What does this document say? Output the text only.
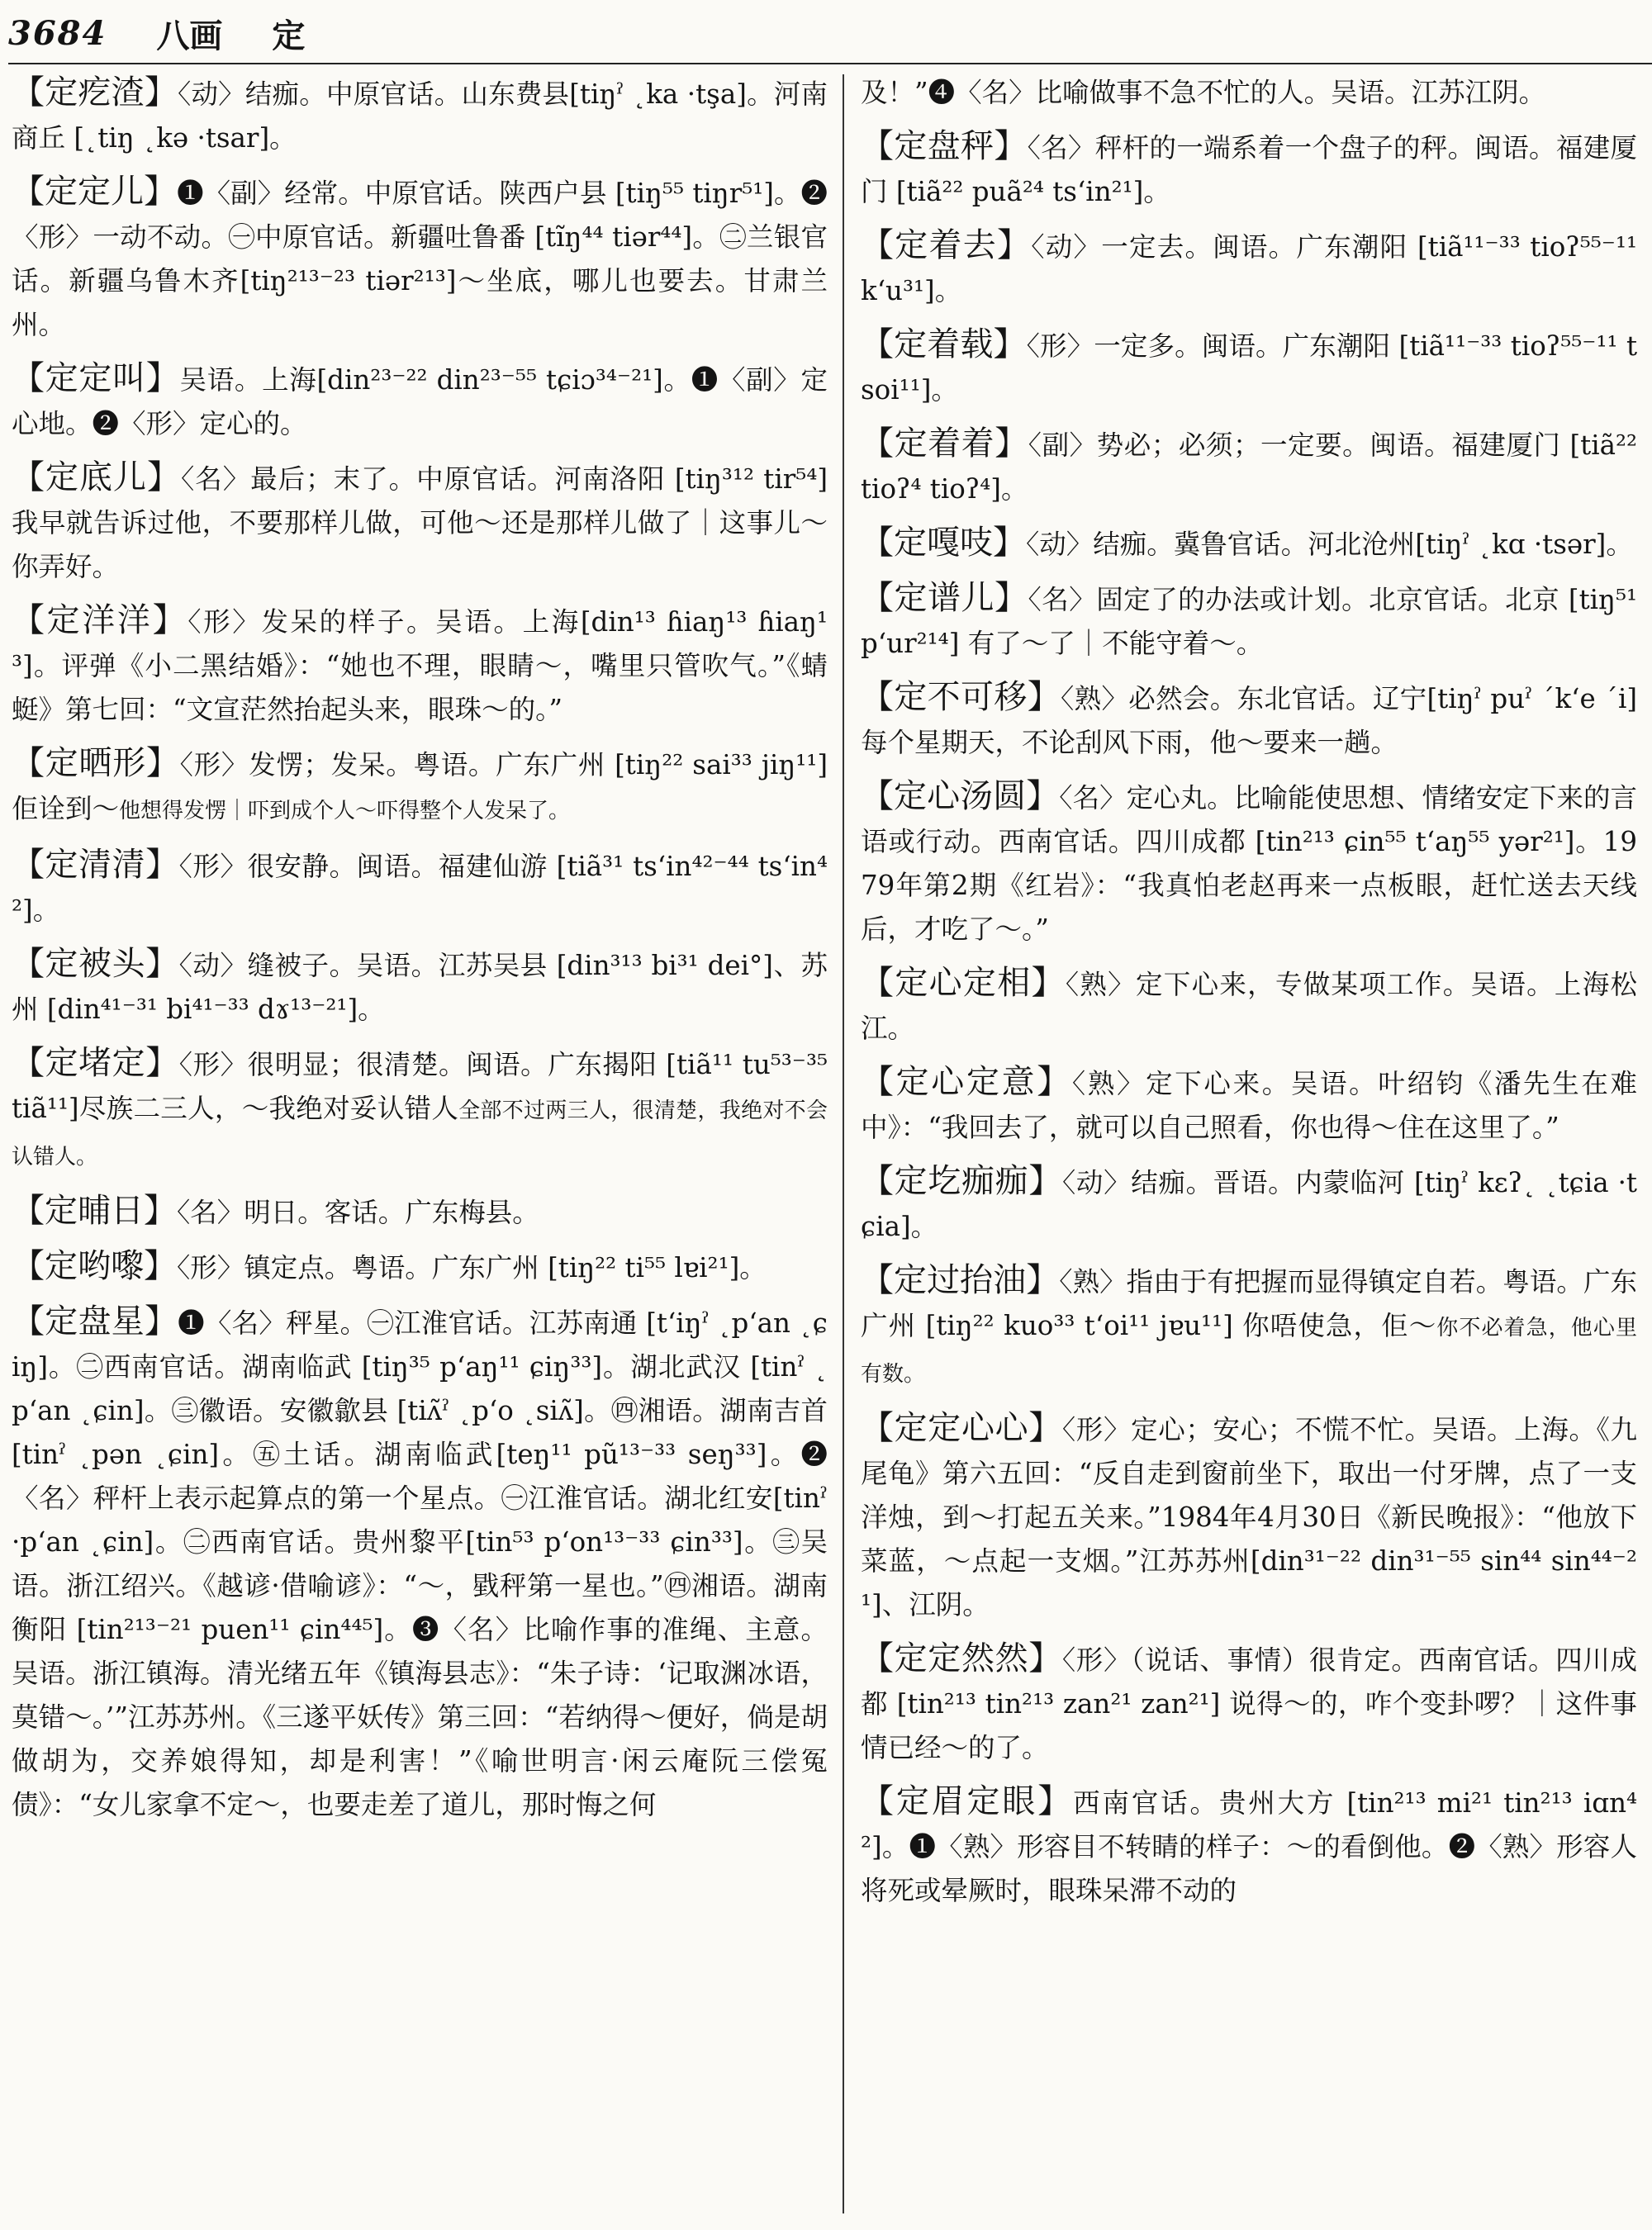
3684 八画 定

【 定疙渣 】 〈动〉结痂。中原官话。山东费县[tiŋˀ ˛ka ·tşa]。河南商丘 [˛tiŋ ˛kə ·tsar]。

【 定定儿 】 ❶〈副〉经常。中原官话。陕西户县 [tiŋ⁵⁵ tiŋr⁵¹]。❷〈形〉一动不动。㊀中原官话。新疆吐鲁番 [tĩŋ⁴⁴ tiər⁴⁴]。㊁兰银官话。新疆乌鲁木齐[tiŋ²¹³⁻²³ tiər²¹³]～坐底，哪儿也要去。甘肃兰州。

【 定定叫 】 吴语。上海[din²³⁻²² din²³⁻⁵⁵ tɕiɔ³⁴⁻²¹]。❶〈副〉定心地。❷〈形〉定心的。

【 定底儿 】 〈名〉最后；末了。中原官话。河南洛阳 [tiŋ³¹² tir⁵⁴] 我早就告诉过他，不要那样儿做，可他～还是那样儿做了｜这事儿～你弄好。

【 定洋洋 】 〈形〉发呆的样子。吴语。上海[din¹³ ɦiaŋ¹³ ɦiaŋ¹³]。评弹《小二黑结婚》：“她也不理，眼睛～，嘴里只管吹气。”《蜻蜓》第七回：“文宣茫然抬起头来，眼珠～的。”

【 定晒形 】 〈形〉发愣；发呆。粤语。广东广州 [tiŋ²² sai³³ jiŋ¹¹] 佢诠到～他想得发愣｜吓到成个人～吓得整个人发呆了。

【 定清清 】 〈形〉很安静。闽语。福建仙游 [tiã³¹ ts‘in⁴²⁻⁴⁴ ts‘in⁴²]。

【 定被头 】 〈动〉缝被子。吴语。江苏吴县 [din³¹³ bi³¹ dei°]、苏州 [din⁴¹⁻³¹ bi⁴¹⁻³³ dɤ¹³⁻²¹]。

【 定堵定 】 〈形〉很明显；很清楚。闽语。广东揭阳 [tiã¹¹ tu⁵³⁻³⁵ tiã¹¹]尽族二三人，～我绝对妥认错人全部不过两三人，很清楚，我绝对不会认错人。

【 定晡日 】 〈名〉明日。客话。广东梅县。

【 定哟嚟 】 〈形〉镇定点。粤语。广东广州 [tiŋ²² ti⁵⁵ lɐi²¹]。

【 定盘星 】 ❶〈名〉秤星。㊀江淮官话。江苏南通 [t‘iŋˀ ˛p‘an ˛ɕiŋ]。㊁西南官话。湖南临武 [tiŋ³⁵ p‘aŋ¹¹ ɕiŋ³³]。湖北武汉 [tinˀ ˛p‘an ˛ɕin]。㊂徽语。安徽歙县 [tiʌ̃ˀ ˛p‘o ˛siʌ̃]。㊃湘语。湖南吉首 [tinˀ ˛pən ˛ɕin]。㊄土话。湖南临武[teŋ¹¹ pũ¹³⁻³³ seŋ³³]。❷〈名〉秤杆上表示起算点的第一个星点。㊀江淮官话。湖北红安[tinˀ ·p‘an ˛ɕin]。㊁西南官话。贵州黎平[tin⁵³ p‘on¹³⁻³³ ɕin³³]。㊂吴语。浙江绍兴。《越谚·借喻谚》：“～，戥秤第一星也。”㊃湘语。湖南衡阳 [tin²¹³⁻²¹ puen¹¹ ɕin⁴⁴⁵]。❸〈名〉比喻作事的准绳、主意。吴语。浙江镇海。清光绪五年《镇海县志》：“朱子诗：‘记取渊冰语，莫错～。’”江苏苏州。《三遂平妖传》第三回：“若纳得～便好，倘是胡做胡为，交养娘得知，却是利害！”《喻世明言·闲云庵阮三偿冤债》：“女儿家拿不定～，也要走差了道儿，那时悔之何

及！”❹〈名〉比喻做事不急不忙的人。吴语。江苏江阴。

【 定盘秤 】 〈名〉秤杆的一端系着一个盘子的秤。闽语。福建厦门 [tiã²² puã²⁴ ts‘in²¹]。

【 定着去 】 〈动〉一定去。闽语。广东潮阳 [tiã¹¹⁻³³ tioʔ⁵⁵⁻¹¹ k‘u³¹]。

【 定着载 】 〈形〉一定多。闽语。广东潮阳 [tiã¹¹⁻³³ tioʔ⁵⁵⁻¹¹ tsoi¹¹]。

【 定着着 】 〈副〉势必；必须；一定要。闽语。福建厦门 [tiã²² tioʔ⁴ tioʔ⁴]。

【 定嘎吱 】 〈动〉结痂。冀鲁官话。河北沧州[tiŋˀ ˛kɑ ·tsər]。

【 定谱儿 】 〈名〉固定了的办法或计划。北京官话。北京 [tiŋ⁵¹ p‘ur²¹⁴] 有了～了｜不能守着～。

【 定不可移 】 〈熟〉必然会。东北官话。辽宁[tiŋˀ puˀ ˊk‘e ˊi] 每个星期天，不论刮风下雨，他～要来一趟。

【 定心汤圆 】 〈名〉定心丸。比喻能使思想、情绪安定下来的言语或行动。西南官话。四川成都 [tin²¹³ ɕin⁵⁵ t‘aŋ⁵⁵ yər²¹]。1979年第2期《红岩》：“我真怕老赵再来一点板眼，赶忙送去天线后，才吃了～。”

【 定心定相 】 〈熟〉定下心来，专做某项工作。吴语。上海松江。

【 定心定意 】 〈熟〉定下心来。吴语。叶绍钧《潘先生在难中》：“我回去了，就可以自己照看，你也得～住在这里了。”

【 定圪痂痂 】 〈动〉结痂。晋语。内蒙临河 [tiŋˀ kɛʔ˛ ˛tɕia ·tɕia]。

【 定过抬油 】 〈熟〉指由于有把握而显得镇定自若。粤语。广东广州 [tiŋ²² kuo³³ t‘oi¹¹ jɐu¹¹] 你唔使急，佢～你不必着急，他心里有数。

【 定定心心 】 〈形〉定心；安心；不慌不忙。吴语。上海。《九尾龟》第六五回：“反自走到窗前坐下，取出一付牙牌，点了一支洋烛，到～打起五关来。”1984年4月30日《新民晚报》：“他放下菜蓝，～点起一支烟。”江苏苏州[din³¹⁻²² din³¹⁻⁵⁵ sin⁴⁴ sin⁴⁴⁻²¹]、江阴。

【 定定然然 】 〈形〉（说话、事情）很肯定。西南官话。四川成都 [tin²¹³ tin²¹³ zan²¹ zan²¹] 说得～的，咋个变卦啰？｜这件事情已经～的了。

【 定眉定眼 】 西南官话。贵州大方 [tin²¹³ mi²¹ tin²¹³ iɑn⁴²]。❶〈熟〉形容目不转睛的样子：～的看倒他。❷〈熟〉形容人将死或晕厥时，眼珠呆滞不动的
